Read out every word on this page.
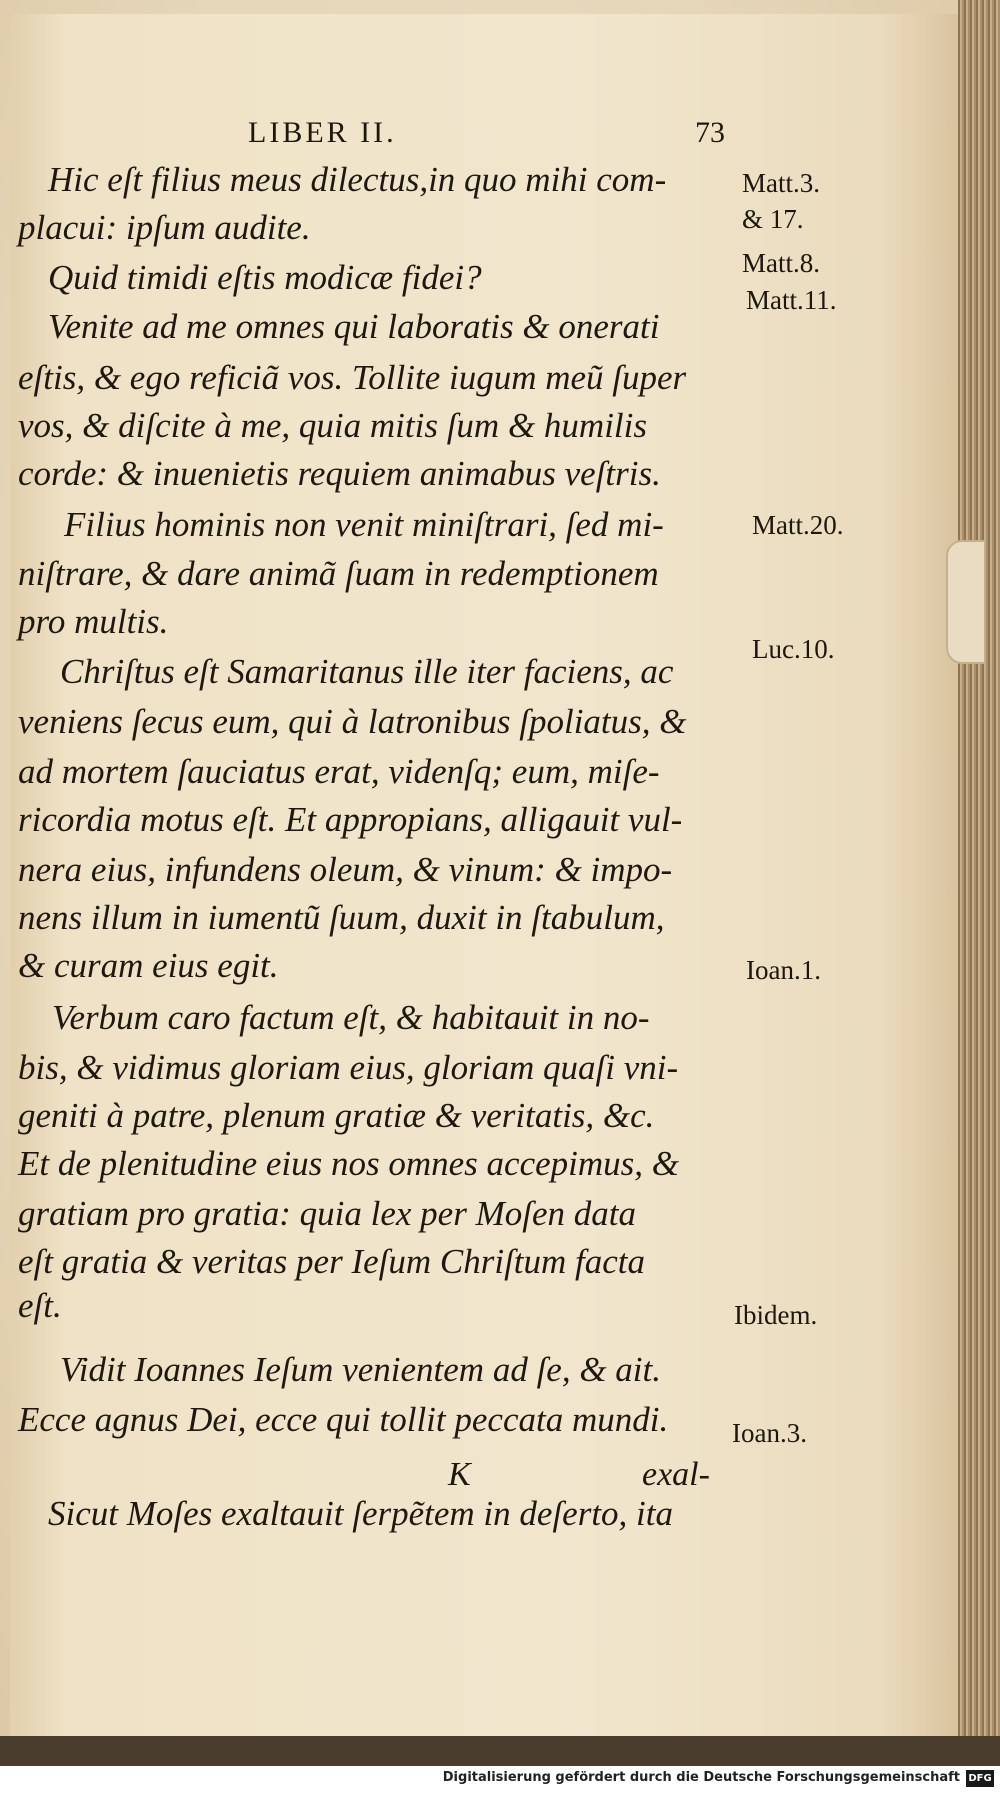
LIBER II.	73
Hic eſt filius meus dilectus,in quo mihi com-
placui: ipſum audite.
Quid timidi eſtis modicæ fidei?
Venite ad me omnes qui laboratis & onerati
eſtis, & ego reficiã vos. Tollite iugum meũ ſuper
vos, & diſcite à me, quia mitis ſum & humilis
corde: & inuenietis requiem animabus veſtris.
Filius hominis non venit miniſtrari, ſed mi-
niſtrare, & dare animã ſuam in redemptionem
pro multis.
Chriſtus eſt Samaritanus ille iter faciens, ac
veniens ſecus eum, qui à latronibus ſpoliatus, &
ad mortem ſauciatus erat, videnſq; eum, miſe-
ricordia motus eſt. Et appropians, alligauit vul-
nera eius, infundens oleum, & vinum: & impo-
nens illum in iumentũ ſuum, duxit in ſtabulum,
& curam eius egit.
Verbum caro factum eſt, & habitauit in no-
bis, & vidimus gloriam eius, gloriam quaſi vni-
geniti à patre, plenum gratiæ & veritatis, &c.
Et de plenitudine eius nos omnes accepimus, &
gratiam pro gratia: quia lex per Moſen data
eſt gratia & veritas per Ieſum Chriſtum facta
eſt.
Vidit Ioannes Ieſum venientem ad ſe, & ait.
Ecce agnus Dei, ecce qui tollit peccata mundi.
Sicut Moſes exaltauit ſerpẽtem in deſerto, ita
Matt.3.
& 17.
Matt.8.
Matt.11.
Matt.20.
Luc.10.
Ioan.1.
Ibidem.
Ioan.3.
K	exal-
Digitalisierung gefördert durch die Deutsche Forschungsgemeinschaft DFG
